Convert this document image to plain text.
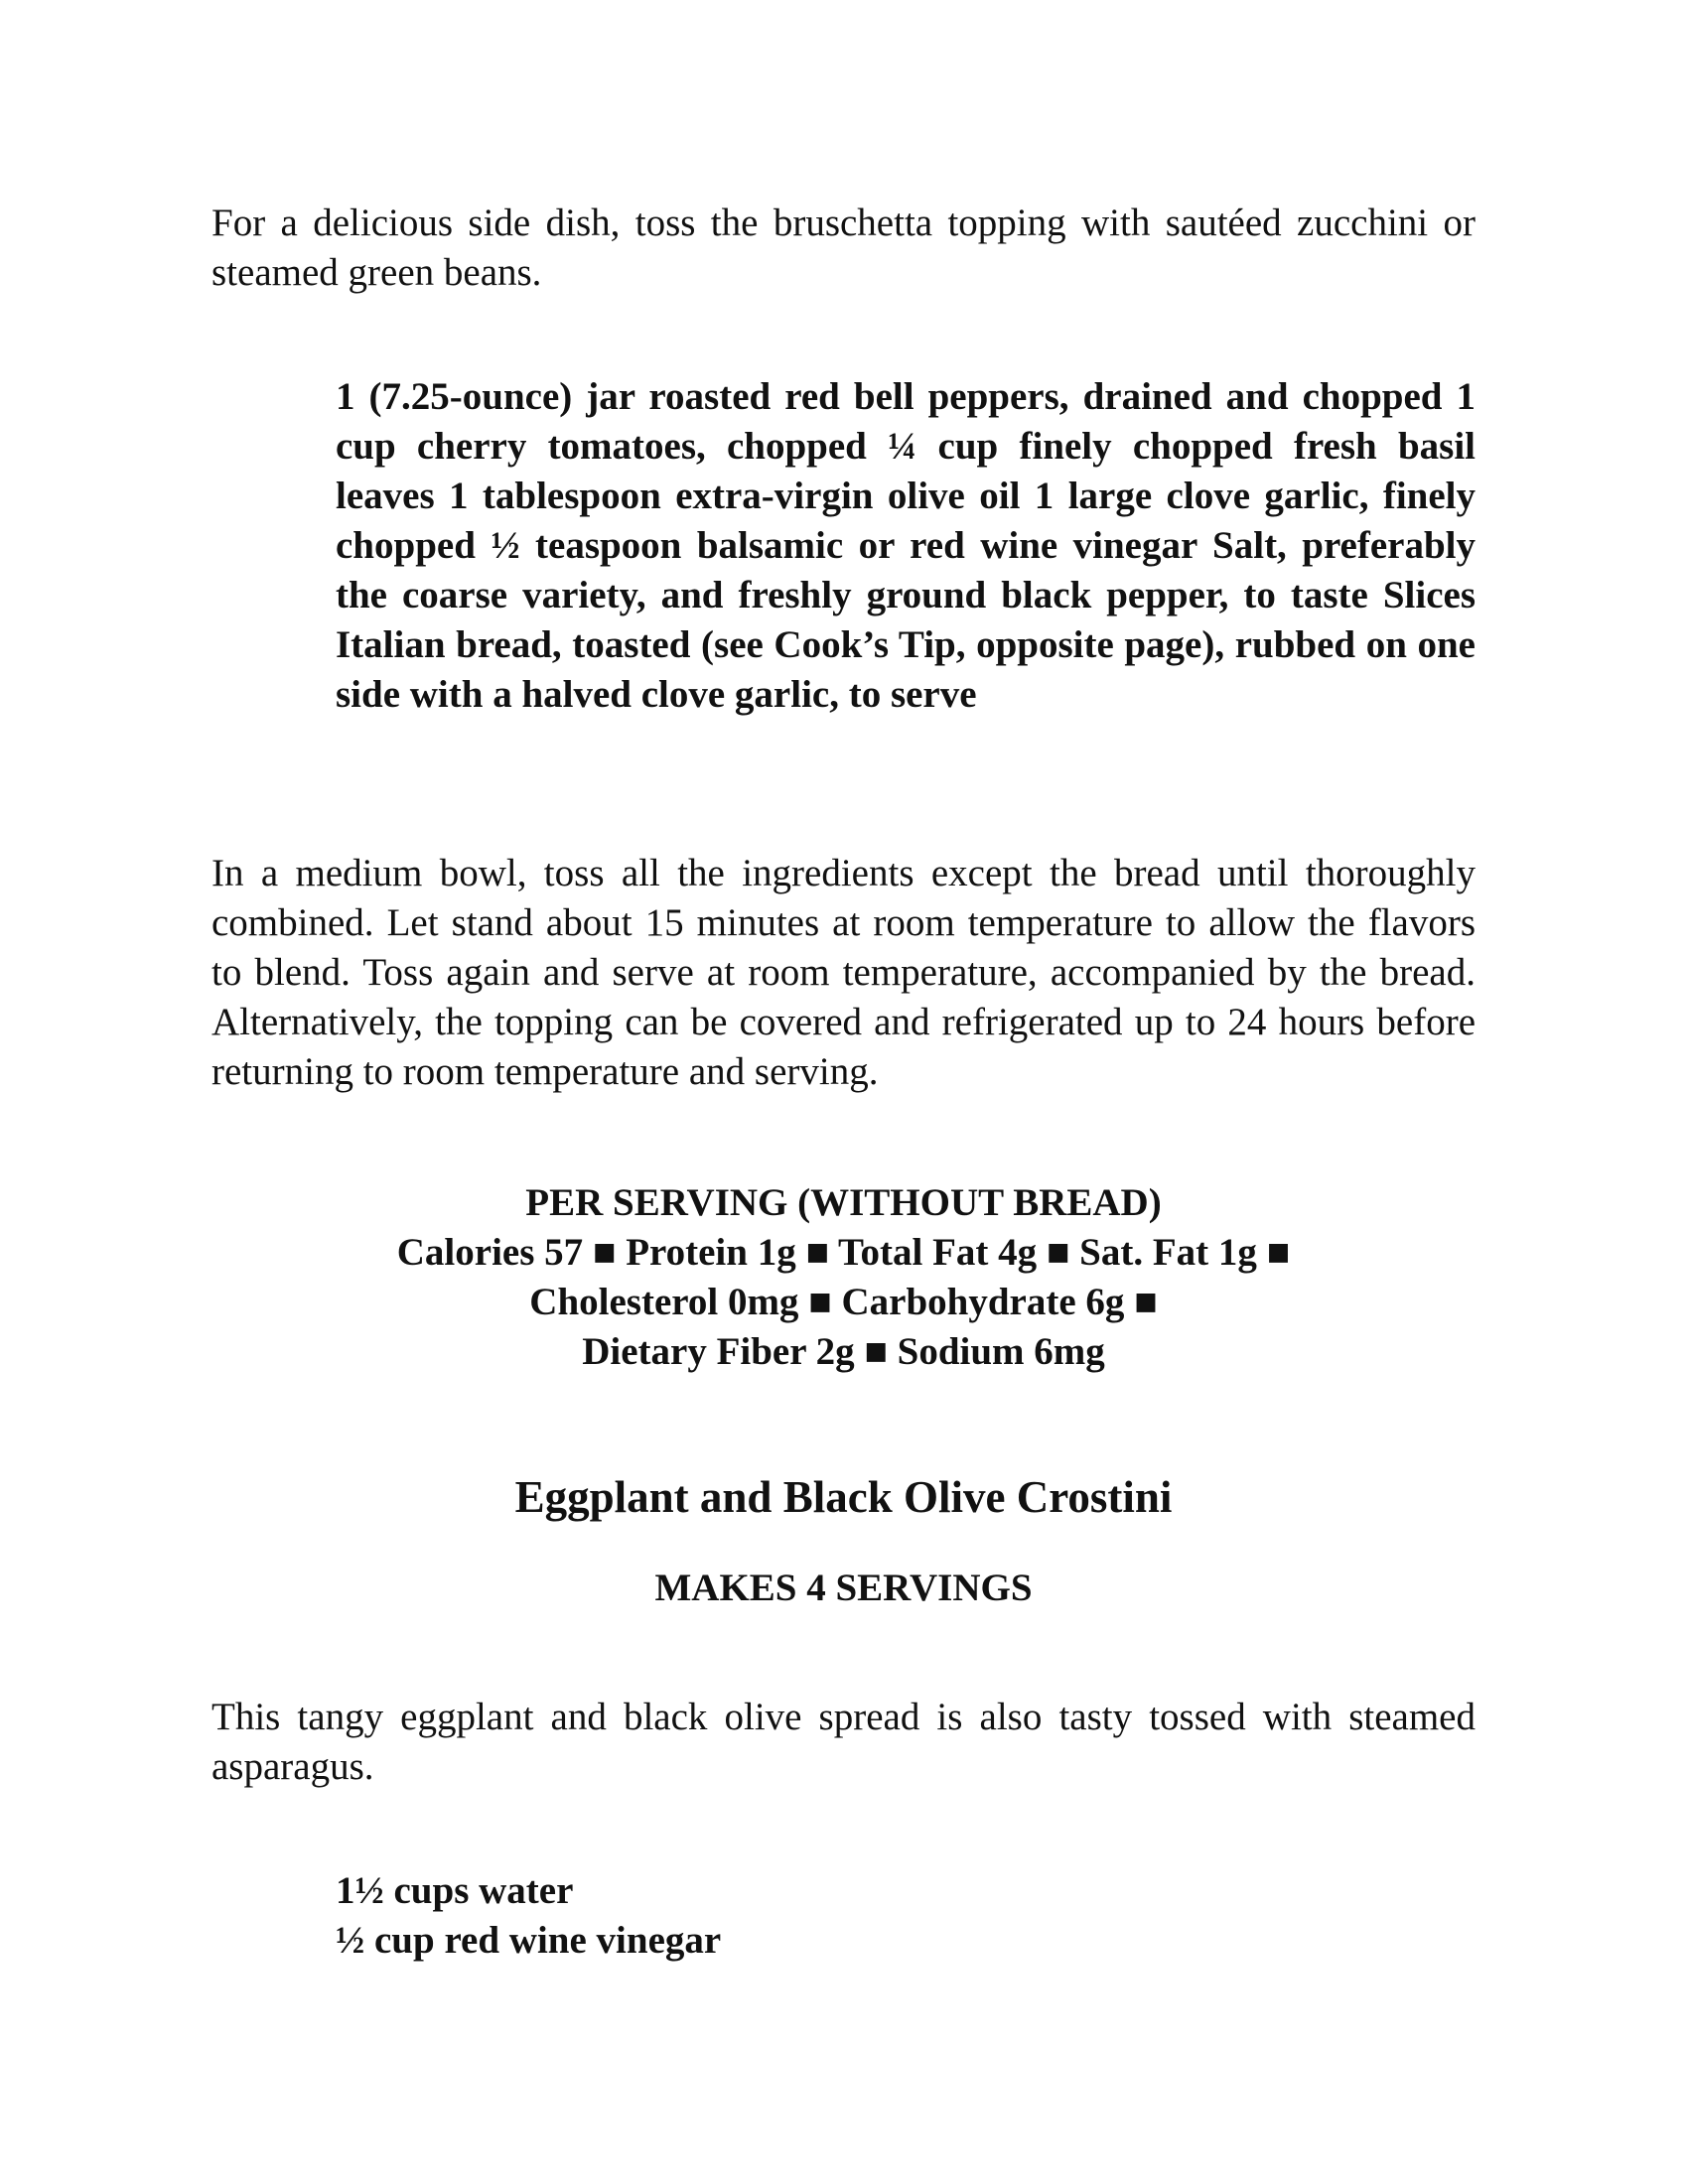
For a delicious side dish, toss the bruschetta topping with sautéed zucchini or steamed green beans.

1 (7.25-ounce) jar roasted red bell peppers, drained and chopped 1 cup cherry tomatoes, chopped ¼ cup finely chopped fresh basil leaves 1 tablespoon extra-virgin olive oil 1 large clove garlic, finely chopped ½ teaspoon balsamic or red wine vinegar Salt, preferably the coarse variety, and freshly ground black pepper, to taste Slices Italian bread, toasted (see Cook’s Tip, opposite page), rubbed on one side with a halved clove garlic, to serve

In a medium bowl, toss all the ingredients except the bread until thoroughly combined. Let stand about 15 minutes at room temperature to allow the flavors to blend. Toss again and serve at room temperature, accompanied by the bread. Alternatively, the topping can be covered and refrigerated up to 24 hours before returning to room temperature and serving.

PER SERVING (WITHOUT BREAD)
Calories 57 ■ Protein 1g ■ Total Fat 4g ■ Sat. Fat 1g ■
Cholesterol 0mg ■ Carbohydrate 6g ■
Dietary Fiber 2g ■ Sodium 6mg
Eggplant and Black Olive Crostini
MAKES 4 SERVINGS

This tangy eggplant and black olive spread is also tasty tossed with steamed asparagus.

1½ cups water
½ cup red wine vinegar
